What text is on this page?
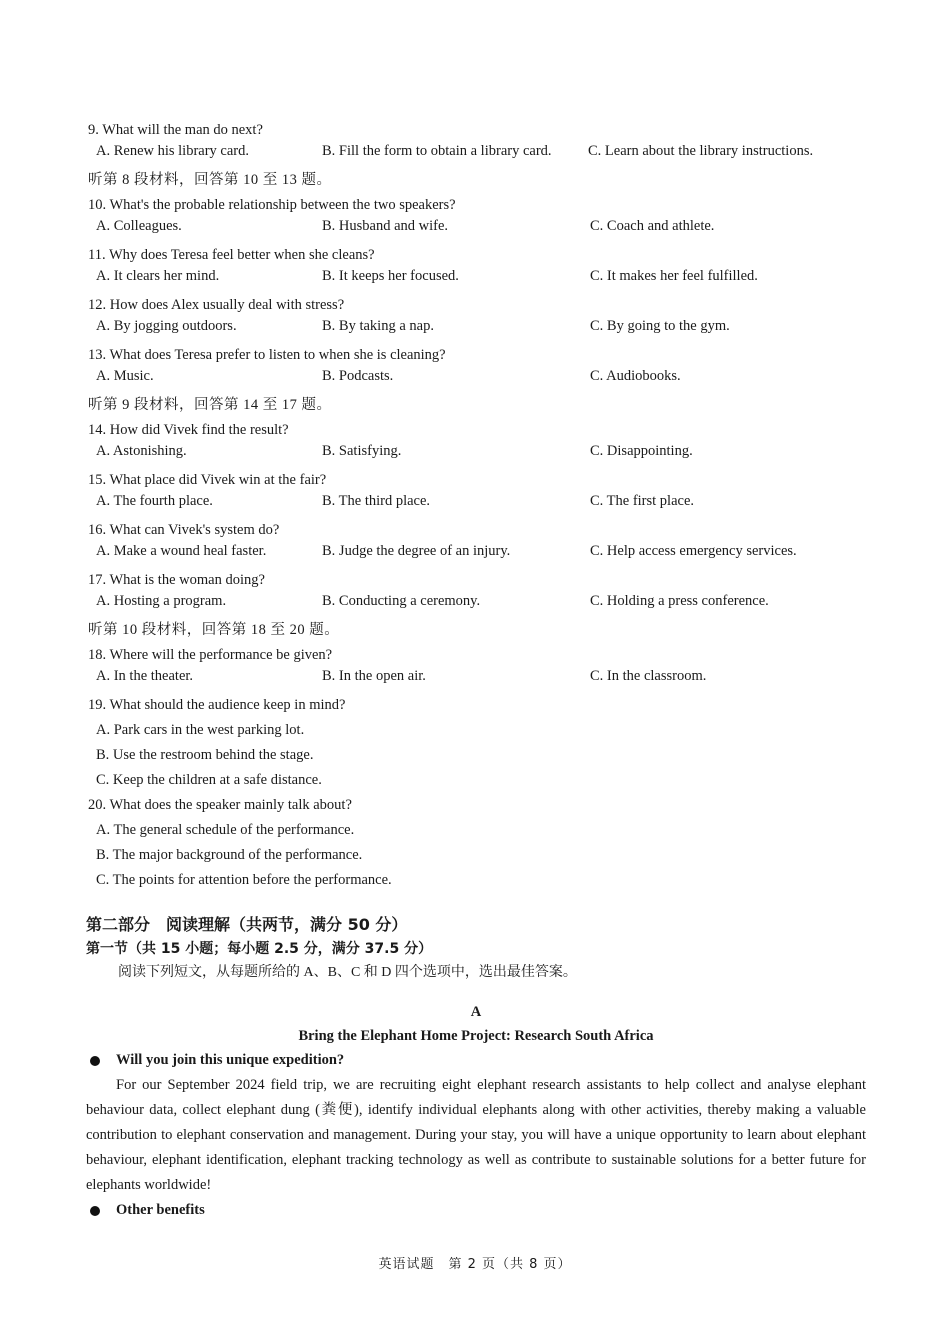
9. What will the man do next?
A. Renew his library card.	B. Fill the form to obtain a library card.	C. Learn about the library instructions.
听第 8 段材料，回答第 10 至 13 题。
10. What's the probable relationship between the two speakers?
A. Colleagues.	B. Husband and wife.	C. Coach and athlete.
11. Why does Teresa feel better when she cleans?
A. It clears her mind.	B. It keeps her focused.	C. It makes her feel fulfilled.
12. How does Alex usually deal with stress?
A. By jogging outdoors.	B. By taking a nap.	C. By going to the gym.
13. What does Teresa prefer to listen to when she is cleaning?
A. Music.	B. Podcasts.	C. Audiobooks.
听第 9 段材料，回答第 14 至 17 题。
14. How did Vivek find the result?
A. Astonishing.	B. Satisfying.	C. Disappointing.
15. What place did Vivek win at the fair?
A. The fourth place.	B. The third place.	C. The first place.
16. What can Vivek's system do?
A. Make a wound heal faster.	B. Judge the degree of an injury.	C. Help access emergency services.
17. What is the woman doing?
A. Hosting a program.	B. Conducting a ceremony.	C. Holding a press conference.
听第 10 段材料，回答第 18 至 20 题。
18. Where will the performance be given?
A. In the theater.	B. In the open air.	C. In the classroom.
19. What should the audience keep in mind?
A. Park cars in the west parking lot.
B. Use the restroom behind the stage.
C. Keep the children at a safe distance.
20. What does the speaker mainly talk about?
A. The general schedule of the performance.
B. The major background of the performance.
C. The points for attention before the performance.
第二部分　阅读理解（共两节，满分 50 分）
第一节（共 15 小题；每小题 2.5 分，满分 37.5 分）
阅读下列短文，从每题所给的 A、B、C 和 D 四个选项中，选出最佳答案。
A
Bring the Elephant Home Project: Research South Africa
Will you join this unique expedition?

For our September 2024 field trip, we are recruiting eight elephant research assistants to help collect and analyse elephant behaviour data, collect elephant dung (粪便), identify individual elephants along with other activities, thereby making a valuable contribution to elephant conservation and management. During your stay, you will have a unique opportunity to learn about elephant behaviour, elephant identification, elephant tracking technology as well as contribute to sustainable solutions for a better future for elephants worldwide!

Other benefits
英语试题　第 2 页（共 8 页）
